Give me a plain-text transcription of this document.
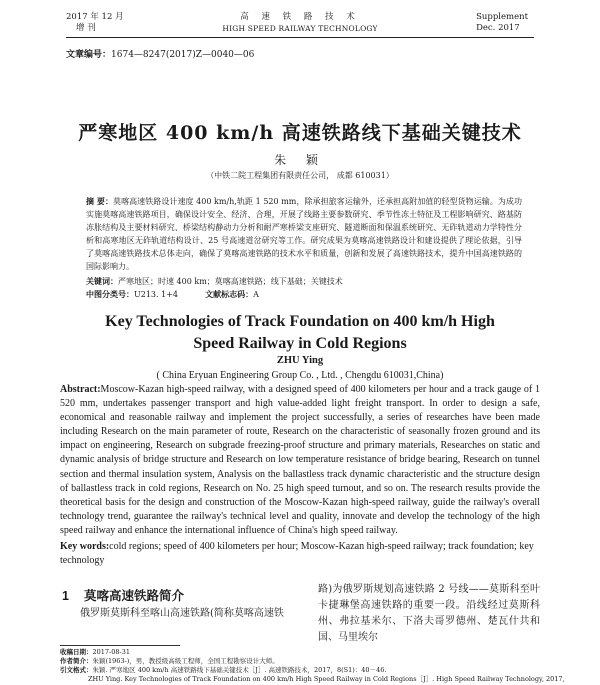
2017 年 12 月
增 刊
高 速 铁 路 技 术
HIGH SPEED RAILWAY TECHNOLOGY
Supplement
Dec. 2017
文章编号：1674—8247(2017)Z—0040—06
严寒地区 400 km/h 高速铁路线下基础关键技术
朱 颖
（中铁二院工程集团有限责任公司， 成都 610031）
摘 要：莫喀高速铁路设计速度 400 km/h,轨距 1 520 mm，除承担旅客运输外，还承担高附加值的轻型货物运输。为成功实施莫喀高速铁路项目，确保设计安全、经济、合理，开展了线路主要参数研究、季节性冻土特征及工程影响研究、路基防冻胀结构及主要材料研究、桥梁结构静动力分析和耐严寒桥梁支座研究、隧道断面和保温系统研究、无砟轨道动力学特性分析和高寒地区无砟轨道结构设计、25 号高速道岔研究等工作。研究成果为莫喀高速铁路设计和建设提供了理论依据，引导了莫喀高速铁路技术总体走向，确保了莫喀高速铁路的技术水平和质量，创新和发展了高速铁路技术，提升中国高速铁路的国际影响力。
关键词：严寒地区；时速 400 km；莫喀高速铁路；线下基础；关键技术
中图分类号：U213. 1+4	文献标志码：A
Key Technologies of Track Foundation on 400 km/h High
Speed Railway in Cold Regions
ZHU Ying
( China Eryuan Engineering Group Co. , Ltd. , Chengdu 610031,China)
Abstract:Moscow-Kazan high-speed railway, with a designed speed of 400 kilometers per hour and a track gauge of 1 520 mm, undertakes passenger transport and high value-added light freight transport. In order to design a safe, economical and reasonable railway and implement the project successfully, a series of researches have been made including Research on the main parameter of route, Research on the characteristic of seasonally frozen ground and its impact on engineering, Research on subgrade freezing-proof structure and primary materials, Researches on static and dynamic analysis of bridge structure and Research on low temperature resistance of bridge bearing, Research on tunnel section and thermal insulation system, Analysis on the ballastless track dynamic characteristic and the structure design of ballastless track in cold regions, Research on No. 25 high speed turnout, and so on. The research results provide the theoretical basis for the design and construction of the Moscow-Kazan high-speed railway, guide the railway's overall technology trend, guarantee the railway's technical level and quality, innovate and develop the technology of the high speed railway and enhance the international influence of China's high speed railway.
Key words:cold regions; speed of 400 kilometers per hour; Moscow-Kazan high-speed railway; track foundation; key technology
1 莫喀高速铁路简介
俄罗斯莫斯科至喀山高速铁路(简称莫喀高速铁
路)为俄罗斯规划高速铁路 2 号线——莫斯科至叶卡捷琳堡高速铁路的重要一段。沿线经过莫斯科州、弗拉基米尔、下洛夫哥罗德州、楚瓦什共和国、马里埃尔
收稿日期：2017-08-31
作者简介：朱颖(1963-)，男，教授级高级工程师，全国工程勘察设计大师。
引文格式：朱颖. 严寒地区 400 km/h 高速铁路线下基础关键技术［J］. 高速铁路技术，2017，8(S1)：40－46.
ZHU Ying. Key Technologies of Track Foundation on 400 km/h High Speed Railway in Cold Regions［J］. High Speed Railway Technology, 2017,
